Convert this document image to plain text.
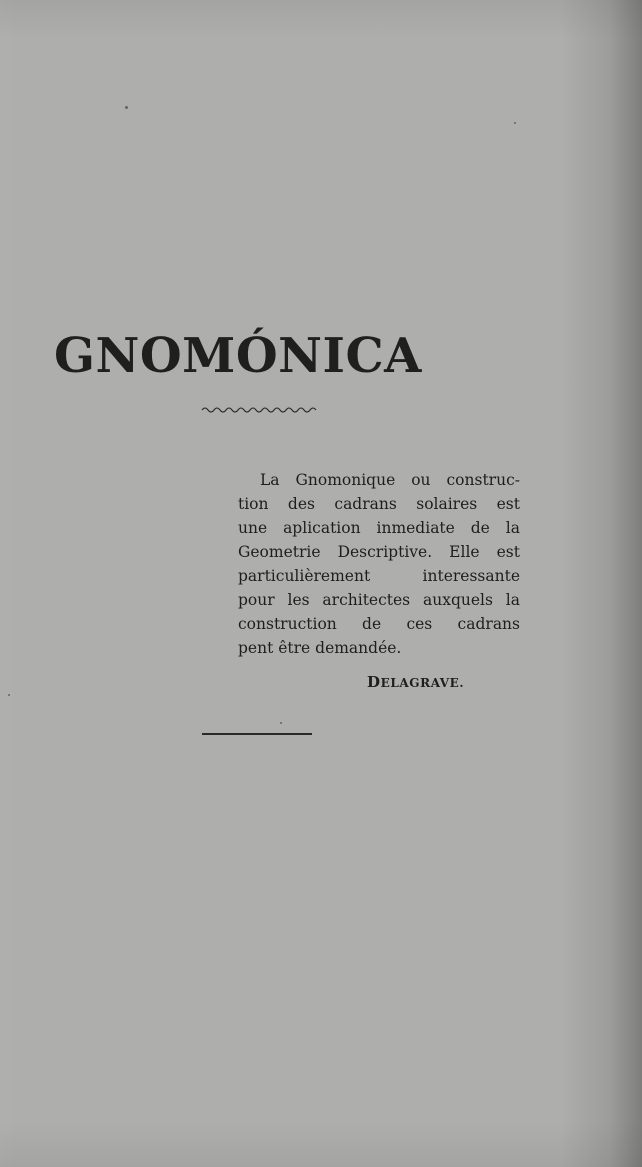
GNOMÓNICA
La Gnomonique ou construc-
tion des cadrans solaires est
une aplication inmediate de la
Geometrie Descriptive. Elle est
particulièrement interessante
pour les architectes auxquels la
construction de ces cadrans
pent être demandée.
DELAGRAVE.
